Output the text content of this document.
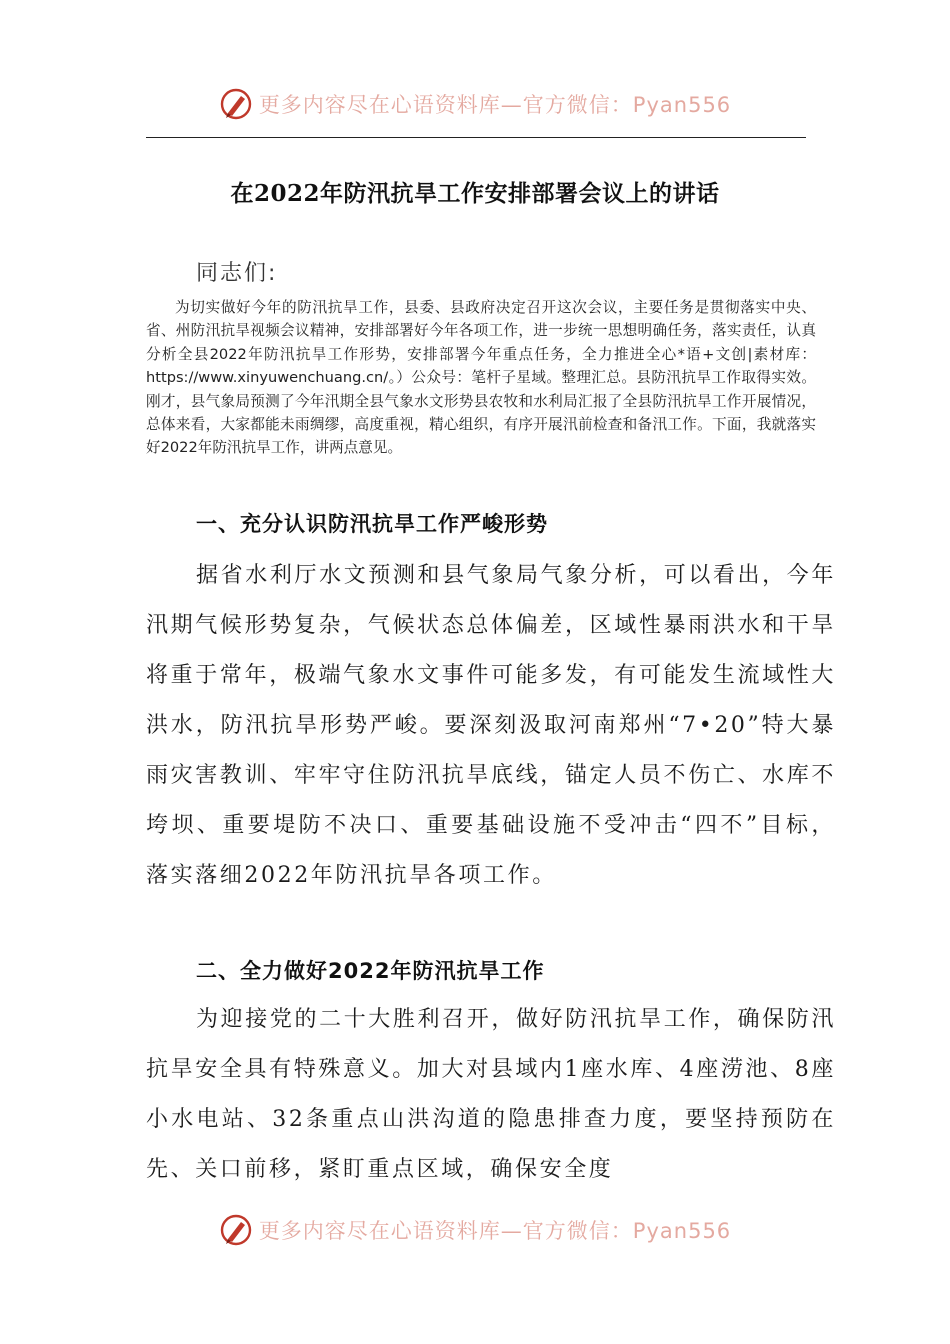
更多内容尽在心语资料库—官方微信：Pyan556
在2022年防汛抗旱工作安排部署会议上的讲话
同志们:

为切实做好今年的防汛抗旱工作，县委、县政府决定召开这次会议，主要任务是贯彻落实中央、省、州防汛抗旱视频会议精神，安排部署好今年各项工作，进一步统一思想明确任务，落实责任，认真分析全县2022年防汛抗旱工作形势，安排部署今年重点任务，全力推进全心*语+文创|素材库：https://www.xinyuwenchuang.cn/。）公众号：笔杆子星域。整理汇总。县防汛抗旱工作取得实效。刚才，县气象局预测了今年汛期全县气象水文形势县农牧和水利局汇报了全县防汛抗旱工作开展情况，总体来看，大家都能未雨绸缪，高度重视，精心组织，有序开展汛前检查和备汛工作。下面，我就落实好2022年防汛抗旱工作，讲两点意见。

一、充分认识防汛抗旱工作严峻形势

据省水利厅水文预测和县气象局气象分析，可以看出，今年汛期气候形势复杂，气候状态总体偏差，区域性暴雨洪水和干旱将重于常年，极端气象水文事件可能多发，有可能发生流域性大洪水，防汛抗旱形势严峻。要深刻汲取河南郑州“7•20”特大暴雨灾害教训、牢牢守住防汛抗旱底线，锚定人员不伤亡、水库不垮坝、重要堤防不决口、重要基础设施不受冲击“四不”目标，落实落细2022年防汛抗旱各项工作。

二、全力做好2022年防汛抗旱工作

为迎接党的二十大胜利召开，做好防汛抗旱工作，确保防汛抗旱安全具有特殊意义。加大对县域内1座水库、4座涝池、8座小水电站、32条重点山洪沟道的隐患排查力度，要坚持预防在先、关口前移，紧盯重点区域，确保安全度

更多内容尽在心语资料库—官方微信：Pyan556
